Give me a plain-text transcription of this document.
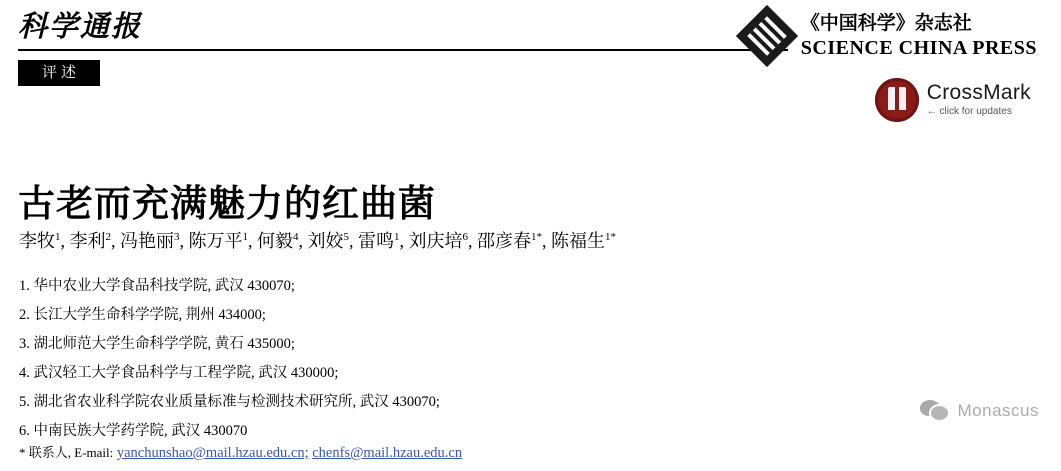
科学通报
评述
《中国科学》杂志社
SCIENCE CHINA PRESS
CrossMark
← click for updates
古老而充满魅力的红曲菌
李牧$^1$, 李利$^2$, 冯艳丽$^3$, 陈万平$^1$, 何毅$^4$, 刘姣$^5$, 雷鸣$^1$, 刘庆培$^6$, 邵彦春$^{1*}$, 陈福生$^{1*}$
1. 华中农业大学食品科技学院, 武汉 430070;
2. 长江大学生命科学学院, 荆州 434000;
3. 湖北师范大学生命科学学院, 黄石 435000;
4. 武汉轻工大学食品科学与工程学院, 武汉 430000;
5. 湖北省农业科学院农业质量标准与检测技术研究所, 武汉 430070;
6. 中南民族大学药学院, 武汉 430070
* 联系人, E-mail: yanchunshao@mail.hzau.edu.cn; chenfs@mail.hzau.edu.cn
Monascus
